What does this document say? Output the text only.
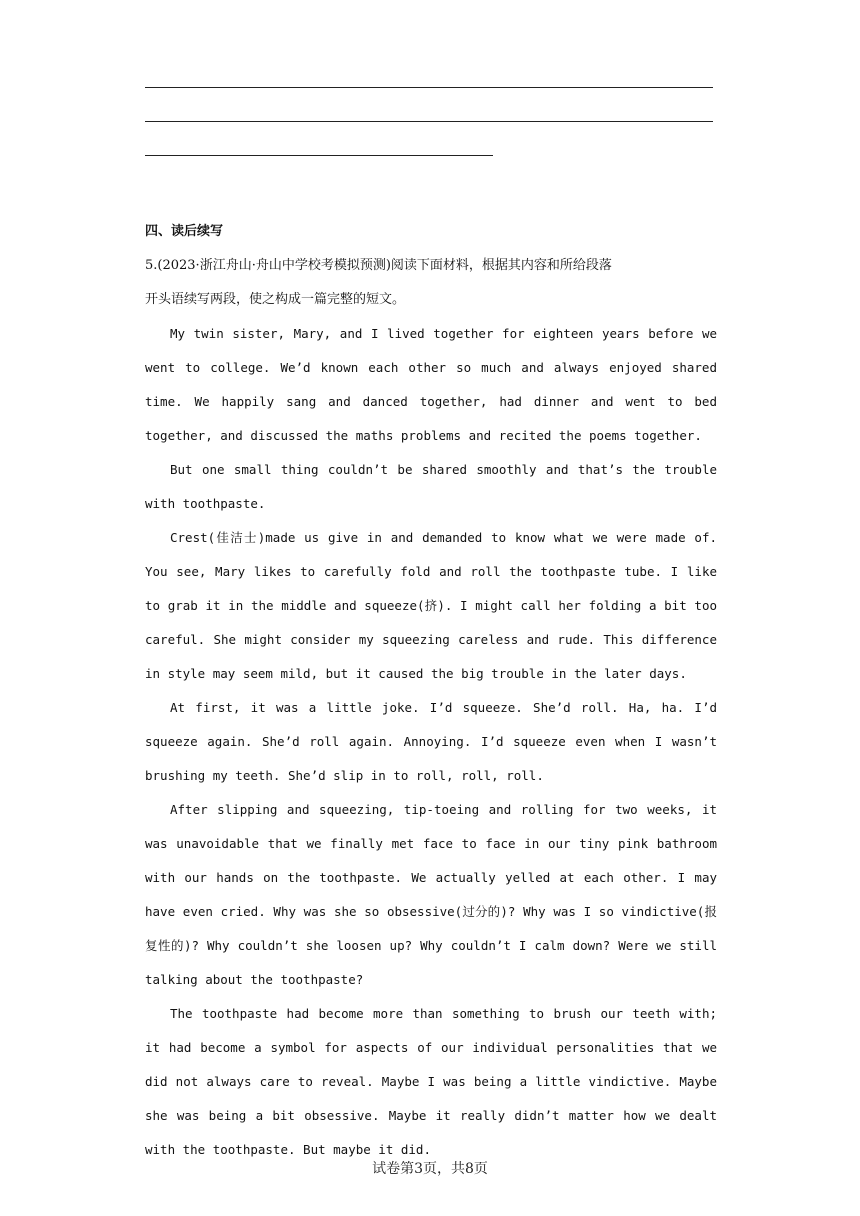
四、读后续写
5.(2023·浙江舟山·舟山中学校考模拟预测)阅读下面材料，根据其内容和所给段落
开头语续写两段，使之构成一篇完整的短文。

My twin sister, Mary, and I lived together for eighteen years before we went to college. We’d known each other so much and always enjoyed shared time. We happily sang and danced together, had dinner and went to bed together, and discussed the maths problems and recited the poems together.

But one small thing couldn’t be shared smoothly and that’s the trouble with toothpaste.

Crest(佳洁士)made us give in and demanded to know what we were made of. You see, Mary likes to carefully fold and roll the toothpaste tube. I like to grab it in the middle and squeeze(挤). I might call her folding a bit too careful. She might consider my squeezing careless and rude. This difference in style may seem mild, but it caused the big trouble in the later days.

At first, it was a little joke. I’d squeeze. She’d roll. Ha, ha. I’d squeeze again. She’d roll again. Annoying. I’d squeeze even when I wasn’t brushing my teeth. She’d slip in to roll, roll, roll.

After slipping and squeezing, tip-toeing and rolling for two weeks, it was unavoidable that we finally met face to face in our tiny pink bathroom with our hands on the toothpaste. We actually yelled at each other. I may have even cried. Why was she so obsessive(过分的)? Why was I so vindictive(报复性的)? Why couldn’t she loosen up? Why couldn’t I calm down? Were we still talking about the toothpaste?

The toothpaste had become more than something to brush our teeth with; it had become a symbol for aspects of our individual personalities that we did not always care to reveal. Maybe I was being a little vindictive. Maybe she was being a bit obsessive. Maybe it really didn’t matter how we dealt with the toothpaste. But maybe it did.

试卷第3页，共8页
